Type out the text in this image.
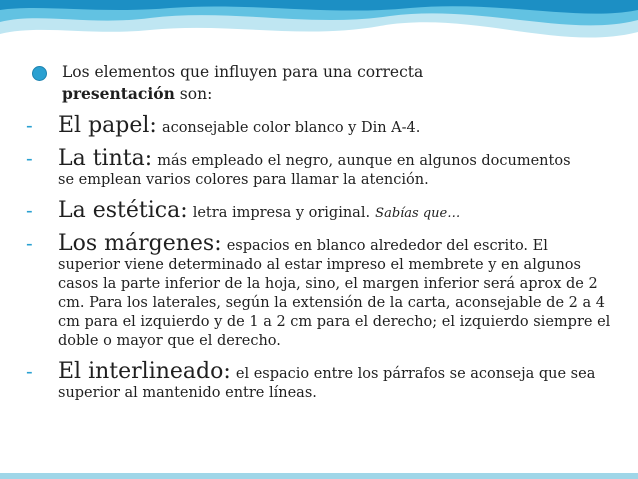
Los elementos que influyen para una correcta
presentación son:
- El papel: aconsejable color blanco y Din A-4.

- La tinta: más empleado el negro, aunque en algunos documentos

se emplean varios colores para llamar la atención.

- La estética: letra impresa y original. Sabías que…

- Los márgenes: espacios en blanco alrededor del escrito. El

superior viene determinado al estar impreso el membrete y en algunos casos la parte inferior de la hoja, sino, el margen inferior será aprox de 2 cm. Para los laterales, según la extensión de la carta, aconsejable de 2 a 4 cm para el izquierdo y de 1 a 2 cm para el derecho; el izquierdo siempre el doble o mayor que el derecho.

- El interlineado: el espacio entre los párrafos se aconseja que sea

superior al mantenido entre líneas.
